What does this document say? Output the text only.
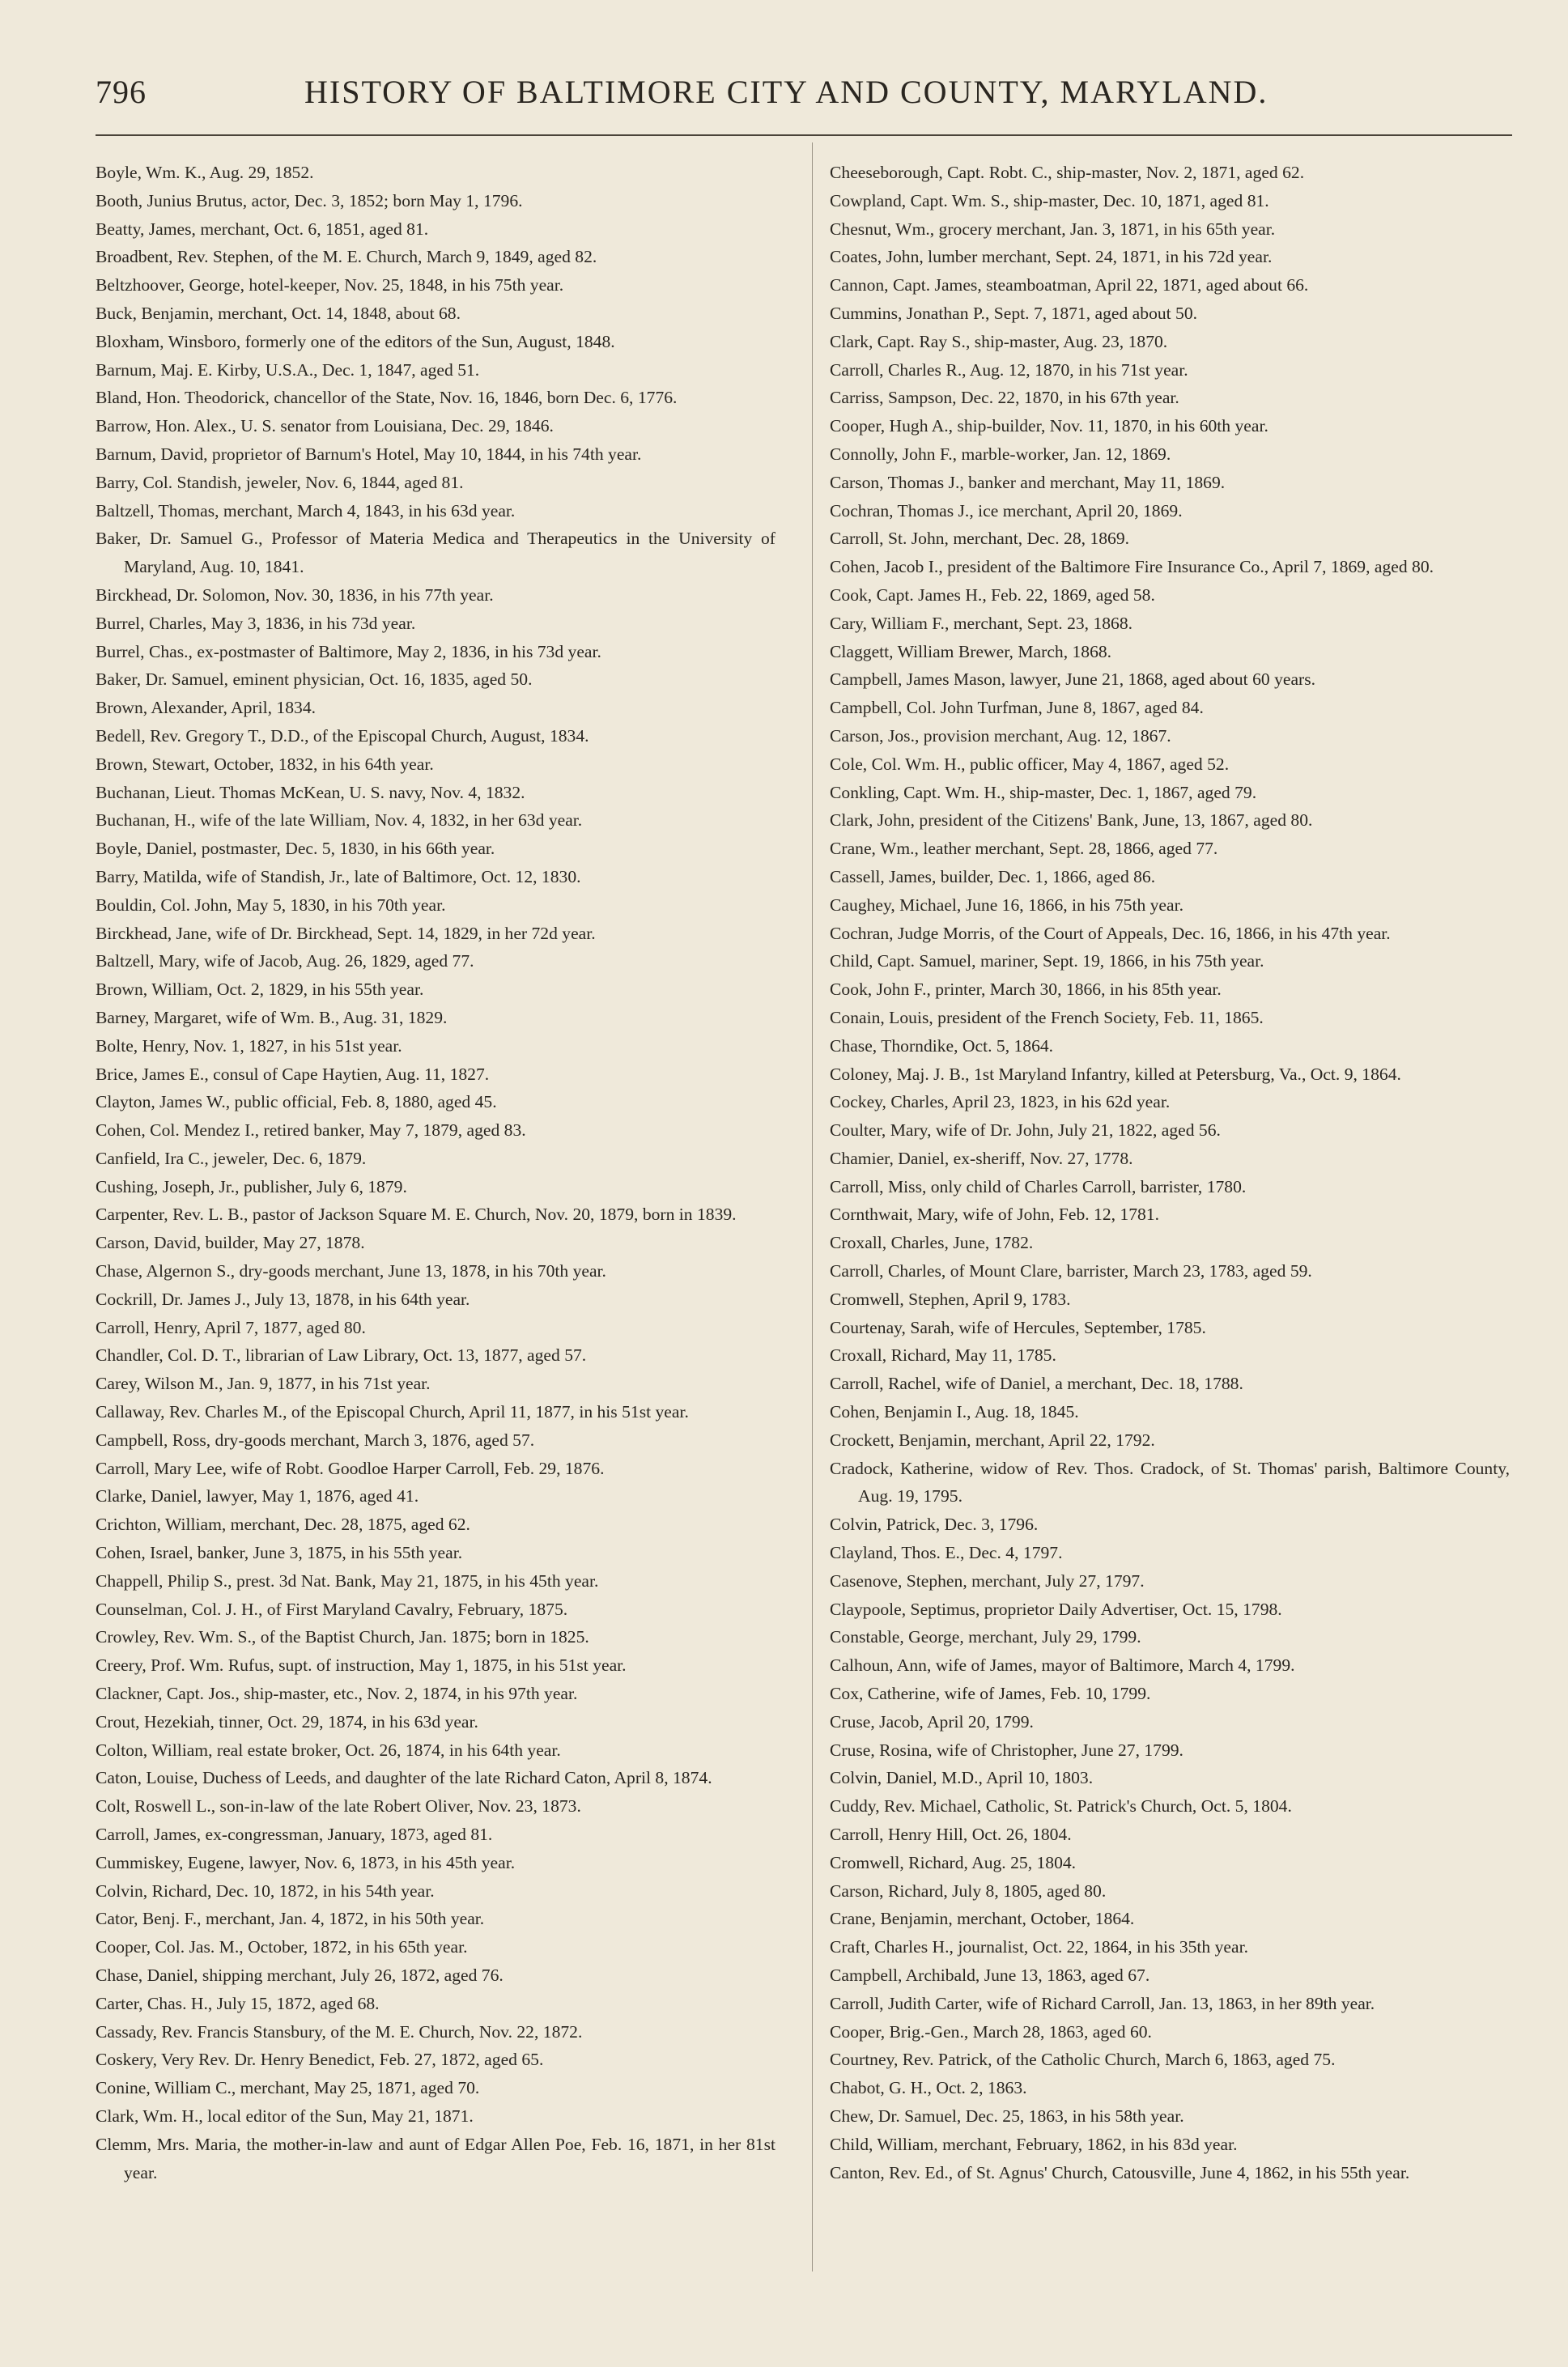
796	HISTORY OF BALTIMORE CITY AND COUNTY, MARYLAND.

Boyle, Wm. K., Aug. 29, 1852.

Booth, Junius Brutus, actor, Dec. 3, 1852; born May 1, 1796.

Beatty, James, merchant, Oct. 6, 1851, aged 81.

Broadbent, Rev. Stephen, of the M. E. Church, March 9, 1849, aged 82.

Beltzhoover, George, hotel-keeper, Nov. 25, 1848, in his 75th year.

Buck, Benjamin, merchant, Oct. 14, 1848, about 68.

Bloxham, Winsboro, formerly one of the editors of the Sun, August, 1848.

Barnum, Maj. E. Kirby, U.S.A., Dec. 1, 1847, aged 51.

Bland, Hon. Theodorick, chancellor of the State, Nov. 16, 1846, born Dec. 6, 1776.

Barrow, Hon. Alex., U. S. senator from Louisiana, Dec. 29, 1846.

Barnum, David, proprietor of Barnum's Hotel, May 10, 1844, in his 74th year.

Barry, Col. Standish, jeweler, Nov. 6, 1844, aged 81.

Baltzell, Thomas, merchant, March 4, 1843, in his 63d year.

Baker, Dr. Samuel G., Professor of Materia Medica and Therapeutics in the University of Maryland, Aug. 10, 1841.

Birckhead, Dr. Solomon, Nov. 30, 1836, in his 77th year.

Burrel, Charles, May 3, 1836, in his 73d year.

Burrel, Chas., ex-postmaster of Baltimore, May 2, 1836, in his 73d year.

Baker, Dr. Samuel, eminent physician, Oct. 16, 1835, aged 50.

Brown, Alexander, April, 1834.

Bedell, Rev. Gregory T., D.D., of the Episcopal Church, August, 1834.

Brown, Stewart, October, 1832, in his 64th year.

Buchanan, Lieut. Thomas McKean, U. S. navy, Nov. 4, 1832.

Buchanan, H., wife of the late William, Nov. 4, 1832, in her 63d year.

Boyle, Daniel, postmaster, Dec. 5, 1830, in his 66th year.

Barry, Matilda, wife of Standish, Jr., late of Baltimore, Oct. 12, 1830.

Bouldin, Col. John, May 5, 1830, in his 70th year.

Birckhead, Jane, wife of Dr. Birckhead, Sept. 14, 1829, in her 72d year.

Baltzell, Mary, wife of Jacob, Aug. 26, 1829, aged 77.

Brown, William, Oct. 2, 1829, in his 55th year.

Barney, Margaret, wife of Wm. B., Aug. 31, 1829.

Bolte, Henry, Nov. 1, 1827, in his 51st year.

Brice, James E., consul of Cape Haytien, Aug. 11, 1827.

Clayton, James W., public official, Feb. 8, 1880, aged 45.

Cohen, Col. Mendez I., retired banker, May 7, 1879, aged 83.

Canfield, Ira C., jeweler, Dec. 6, 1879.

Cushing, Joseph, Jr., publisher, July 6, 1879.

Carpenter, Rev. L. B., pastor of Jackson Square M. E. Church, Nov. 20, 1879, born in 1839.

Carson, David, builder, May 27, 1878.

Chase, Algernon S., dry-goods merchant, June 13, 1878, in his 70th year.

Cockrill, Dr. James J., July 13, 1878, in his 64th year.

Carroll, Henry, April 7, 1877, aged 80.

Chandler, Col. D. T., librarian of Law Library, Oct. 13, 1877, aged 57.

Carey, Wilson M., Jan. 9, 1877, in his 71st year.

Callaway, Rev. Charles M., of the Episcopal Church, April 11, 1877, in his 51st year.

Campbell, Ross, dry-goods merchant, March 3, 1876, aged 57.

Carroll, Mary Lee, wife of Robt. Goodloe Harper Carroll, Feb. 29, 1876.

Clarke, Daniel, lawyer, May 1, 1876, aged 41.

Crichton, William, merchant, Dec. 28, 1875, aged 62.

Cohen, Israel, banker, June 3, 1875, in his 55th year.

Chappell, Philip S., prest. 3d Nat. Bank, May 21, 1875, in his 45th year.

Counselman, Col. J. H., of First Maryland Cavalry, February, 1875.

Crowley, Rev. Wm. S., of the Baptist Church, Jan. 1875; born in 1825.

Creery, Prof. Wm. Rufus, supt. of instruction, May 1, 1875, in his 51st year.

Clackner, Capt. Jos., ship-master, etc., Nov. 2, 1874, in his 97th year.

Crout, Hezekiah, tinner, Oct. 29, 1874, in his 63d year.

Colton, William, real estate broker, Oct. 26, 1874, in his 64th year.

Caton, Louise, Duchess of Leeds, and daughter of the late Richard Caton, April 8, 1874.

Colt, Roswell L., son-in-law of the late Robert Oliver, Nov. 23, 1873.

Carroll, James, ex-congressman, January, 1873, aged 81.

Cummiskey, Eugene, lawyer, Nov. 6, 1873, in his 45th year.

Colvin, Richard, Dec. 10, 1872, in his 54th year.

Cator, Benj. F., merchant, Jan. 4, 1872, in his 50th year.

Cooper, Col. Jas. M., October, 1872, in his 65th year.

Chase, Daniel, shipping merchant, July 26, 1872, aged 76.

Carter, Chas. H., July 15, 1872, aged 68.

Cassady, Rev. Francis Stansbury, of the M. E. Church, Nov. 22, 1872.

Coskery, Very Rev. Dr. Henry Benedict, Feb. 27, 1872, aged 65.

Conine, William C., merchant, May 25, 1871, aged 70.

Clark, Wm. H., local editor of the Sun, May 21, 1871.

Clemm, Mrs. Maria, the mother-in-law and aunt of Edgar Allen Poe, Feb. 16, 1871, in her 81st year.

Cheeseborough, Capt. Robt. C., ship-master, Nov. 2, 1871, aged 62.

Cowpland, Capt. Wm. S., ship-master, Dec. 10, 1871, aged 81.

Chesnut, Wm., grocery merchant, Jan. 3, 1871, in his 65th year.

Coates, John, lumber merchant, Sept. 24, 1871, in his 72d year.

Cannon, Capt. James, steamboatman, April 22, 1871, aged about 66.

Cummins, Jonathan P., Sept. 7, 1871, aged about 50.

Clark, Capt. Ray S., ship-master, Aug. 23, 1870.

Carroll, Charles R., Aug. 12, 1870, in his 71st year.

Carriss, Sampson, Dec. 22, 1870, in his 67th year.

Cooper, Hugh A., ship-builder, Nov. 11, 1870, in his 60th year.

Connolly, John F., marble-worker, Jan. 12, 1869.

Carson, Thomas J., banker and merchant, May 11, 1869.

Cochran, Thomas J., ice merchant, April 20, 1869.

Carroll, St. John, merchant, Dec. 28, 1869.

Cohen, Jacob I., president of the Baltimore Fire Insurance Co., April 7, 1869, aged 80.

Cook, Capt. James H., Feb. 22, 1869, aged 58.

Cary, William F., merchant, Sept. 23, 1868.

Claggett, William Brewer, March, 1868.

Campbell, James Mason, lawyer, June 21, 1868, aged about 60 years.

Campbell, Col. John Turfman, June 8, 1867, aged 84.

Carson, Jos., provision merchant, Aug. 12, 1867.

Cole, Col. Wm. H., public officer, May 4, 1867, aged 52.

Conkling, Capt. Wm. H., ship-master, Dec. 1, 1867, aged 79.

Clark, John, president of the Citizens' Bank, June, 13, 1867, aged 80.

Crane, Wm., leather merchant, Sept. 28, 1866, aged 77.

Cassell, James, builder, Dec. 1, 1866, aged 86.

Caughey, Michael, June 16, 1866, in his 75th year.

Cochran, Judge Morris, of the Court of Appeals, Dec. 16, 1866, in his 47th year.

Child, Capt. Samuel, mariner, Sept. 19, 1866, in his 75th year.

Cook, John F., printer, March 30, 1866, in his 85th year.

Conain, Louis, president of the French Society, Feb. 11, 1865.

Chase, Thorndike, Oct. 5, 1864.

Coloney, Maj. J. B., 1st Maryland Infantry, killed at Petersburg, Va., Oct. 9, 1864.

Cockey, Charles, April 23, 1823, in his 62d year.

Coulter, Mary, wife of Dr. John, July 21, 1822, aged 56.

Chamier, Daniel, ex-sheriff, Nov. 27, 1778.

Carroll, Miss, only child of Charles Carroll, barrister, 1780.

Cornthwait, Mary, wife of John, Feb. 12, 1781.

Croxall, Charles, June, 1782.

Carroll, Charles, of Mount Clare, barrister, March 23, 1783, aged 59.

Cromwell, Stephen, April 9, 1783.

Courtenay, Sarah, wife of Hercules, September, 1785.

Croxall, Richard, May 11, 1785.

Carroll, Rachel, wife of Daniel, a merchant, Dec. 18, 1788.

Cohen, Benjamin I., Aug. 18, 1845.

Crockett, Benjamin, merchant, April 22, 1792.

Cradock, Katherine, widow of Rev. Thos. Cradock, of St. Thomas' parish, Baltimore County, Aug. 19, 1795.

Colvin, Patrick, Dec. 3, 1796.

Clayland, Thos. E., Dec. 4, 1797.

Casenove, Stephen, merchant, July 27, 1797.

Claypoole, Septimus, proprietor Daily Advertiser, Oct. 15, 1798.

Constable, George, merchant, July 29, 1799.

Calhoun, Ann, wife of James, mayor of Baltimore, March 4, 1799.

Cox, Catherine, wife of James, Feb. 10, 1799.

Cruse, Jacob, April 20, 1799.

Cruse, Rosina, wife of Christopher, June 27, 1799.

Colvin, Daniel, M.D., April 10, 1803.

Cuddy, Rev. Michael, Catholic, St. Patrick's Church, Oct. 5, 1804.

Carroll, Henry Hill, Oct. 26, 1804.

Cromwell, Richard, Aug. 25, 1804.

Carson, Richard, July 8, 1805, aged 80.

Crane, Benjamin, merchant, October, 1864.

Craft, Charles H., journalist, Oct. 22, 1864, in his 35th year.

Campbell, Archibald, June 13, 1863, aged 67.

Carroll, Judith Carter, wife of Richard Carroll, Jan. 13, 1863, in her 89th year.

Cooper, Brig.-Gen., March 28, 1863, aged 60.

Courtney, Rev. Patrick, of the Catholic Church, March 6, 1863, aged 75.

Chabot, G. H., Oct. 2, 1863.

Chew, Dr. Samuel, Dec. 25, 1863, in his 58th year.

Child, William, merchant, February, 1862, in his 83d year.

Canton, Rev. Ed., of St. Agnus' Church, Catousville, June 4, 1862, in his 55th year.
